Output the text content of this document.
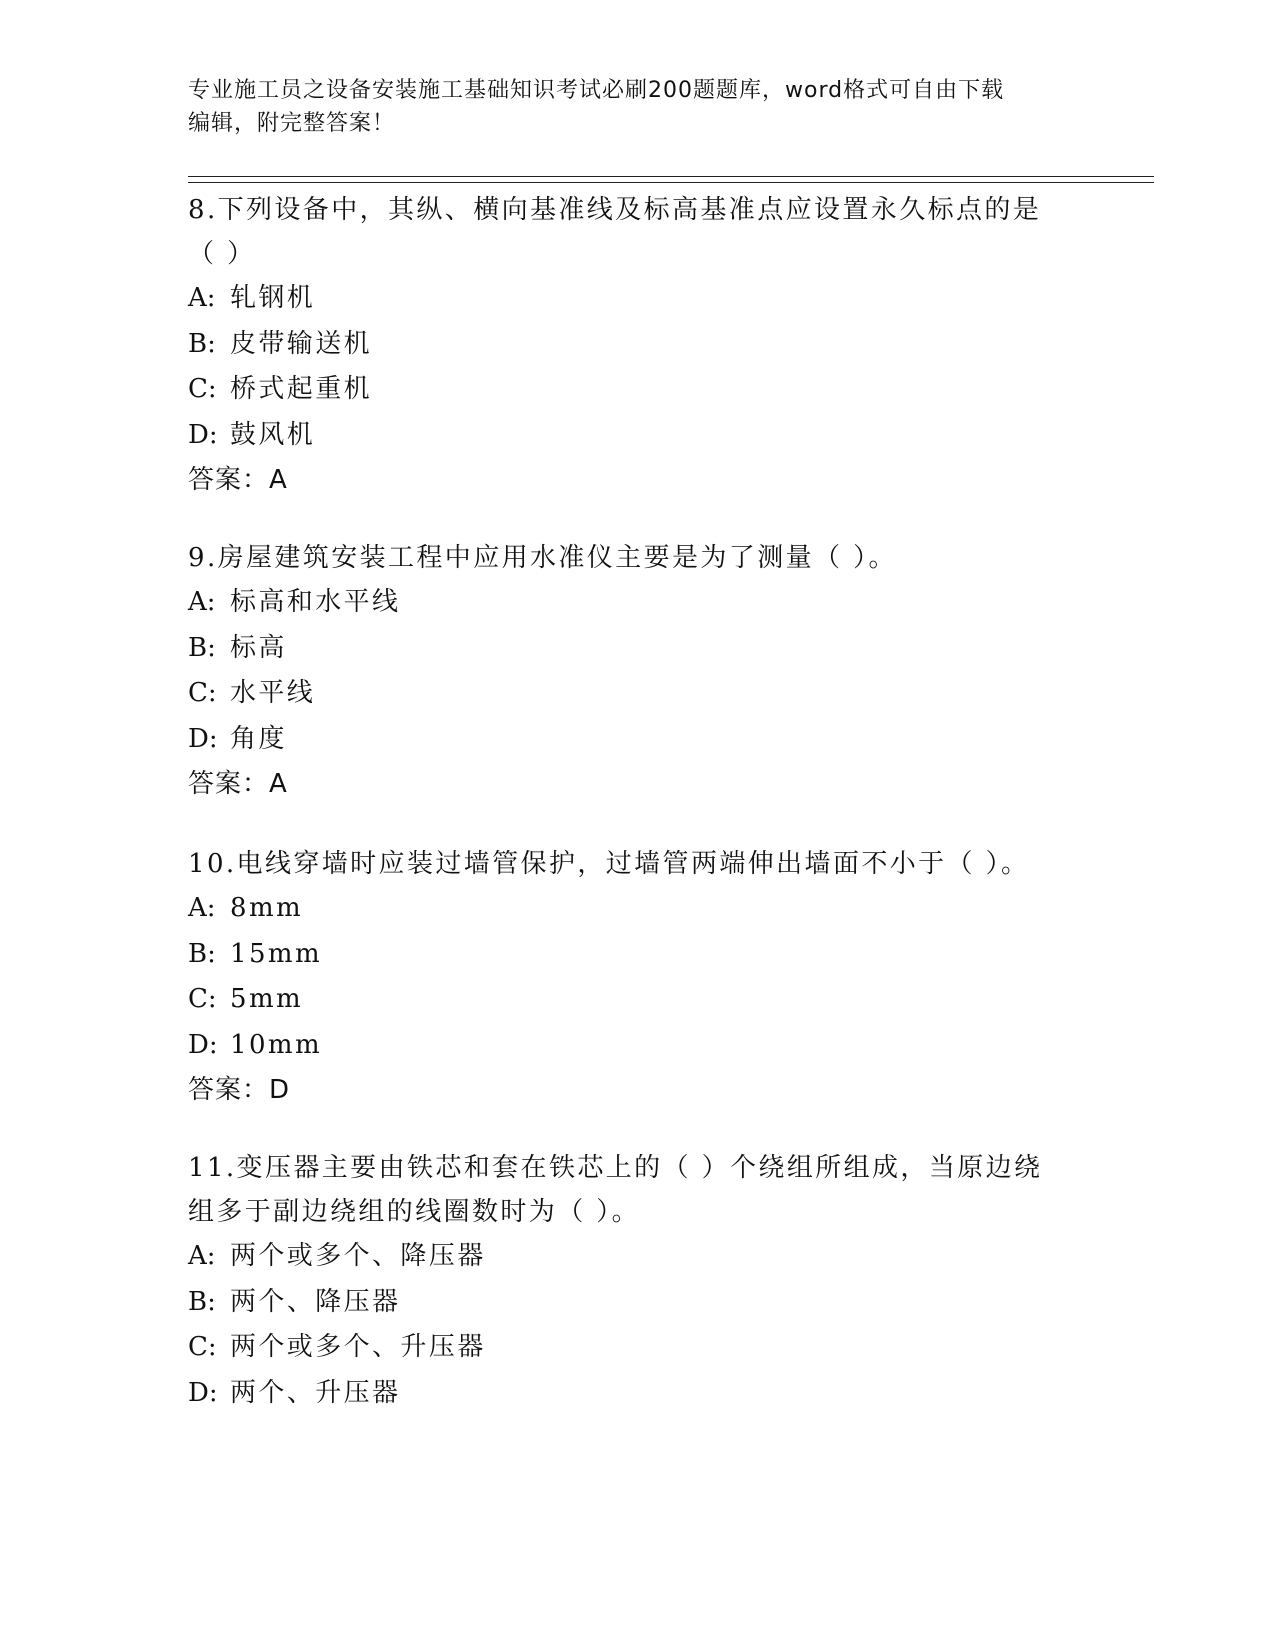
专业施工员之设备安装施工基础知识考试必刷200题题库，word格式可自由下载
编辑，附完整答案！

8.下列设备中，其纵、横向基准线及标高基准点应设置永久标点的是

（ ）

A: 轧钢机

B: 皮带输送机

C: 桥式起重机

D: 鼓风机

答案：A

9.房屋建筑安装工程中应用水准仪主要是为了测量（ ）。

A: 标高和水平线

B: 标高

C: 水平线

D: 角度

答案：A

10.电线穿墙时应装过墙管保护，过墙管两端伸出墙面不小于（ ）。

A: 8mm

B: 15mm

C: 5mm

D: 10mm

答案：D

11.变压器主要由铁芯和套在铁芯上的（ ）个绕组所组成，当原边绕

组多于副边绕组的线圈数时为（ ）。

A: 两个或多个、降压器

B: 两个、降压器

C: 两个或多个、升压器

D: 两个、升压器
